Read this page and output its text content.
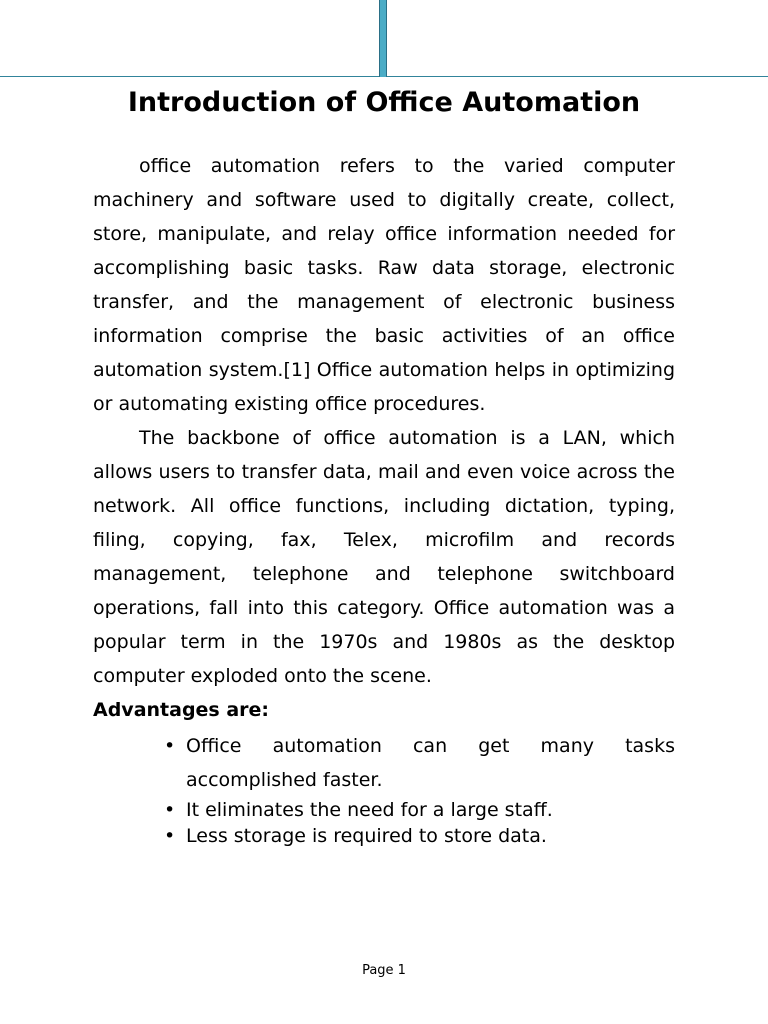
Introduction of Office Automation

office automation refers to the varied computer machinery and software used to digitally create, collect, store, manipulate, and relay office information needed for accomplishing basic tasks. Raw data storage, electronic transfer, and the management of electronic business information comprise the basic activities of an office automation system.[1] Office automation helps in optimizing or automating existing office procedures.

The backbone of office automation is a LAN, which allows users to transfer data, mail and even voice across the network. All office functions, including dictation, typing, filing, copying, fax, Telex, microfilm and records management, telephone and telephone switchboard operations, fall into this category. Office automation was a popular term in the 1970s and 1980s as the desktop computer exploded onto the scene.

Advantages are:

• Office automation can get many tasks accomplished faster.
• It eliminates the need for a large staff.
• Less storage is required to store data.
Page 1
